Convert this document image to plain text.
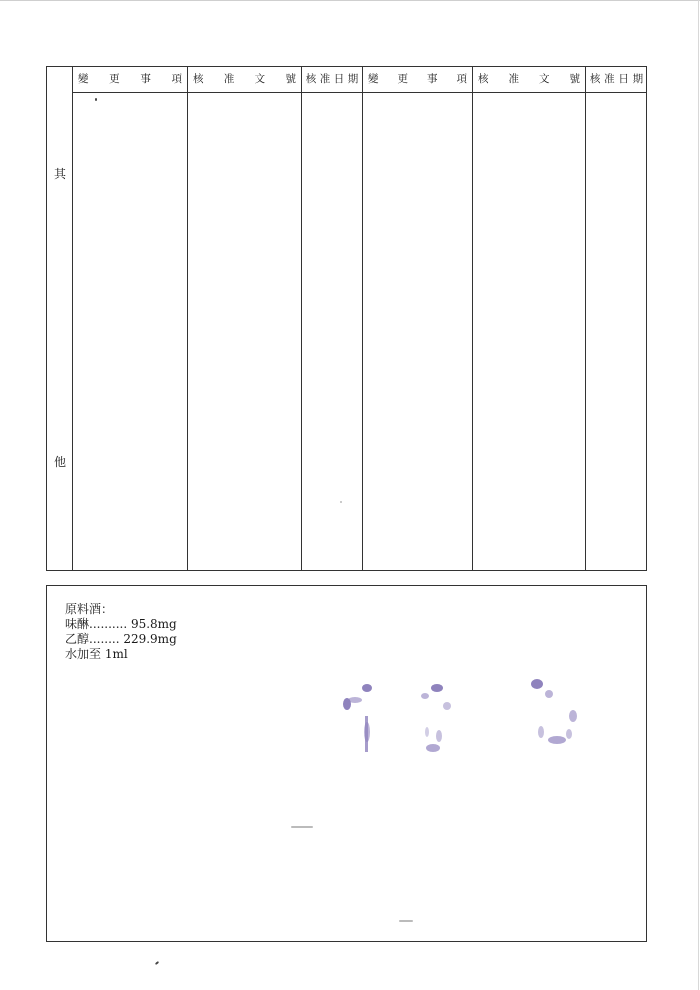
其
他
變 更 事 項 核 准 文 號 核 准 日 期 變 更 事 項 核 准 文 號 核 准 日 期
原料酒：
味醂.......... 95.8mg
乙醇........ 229.9mg
水加至 1ml
